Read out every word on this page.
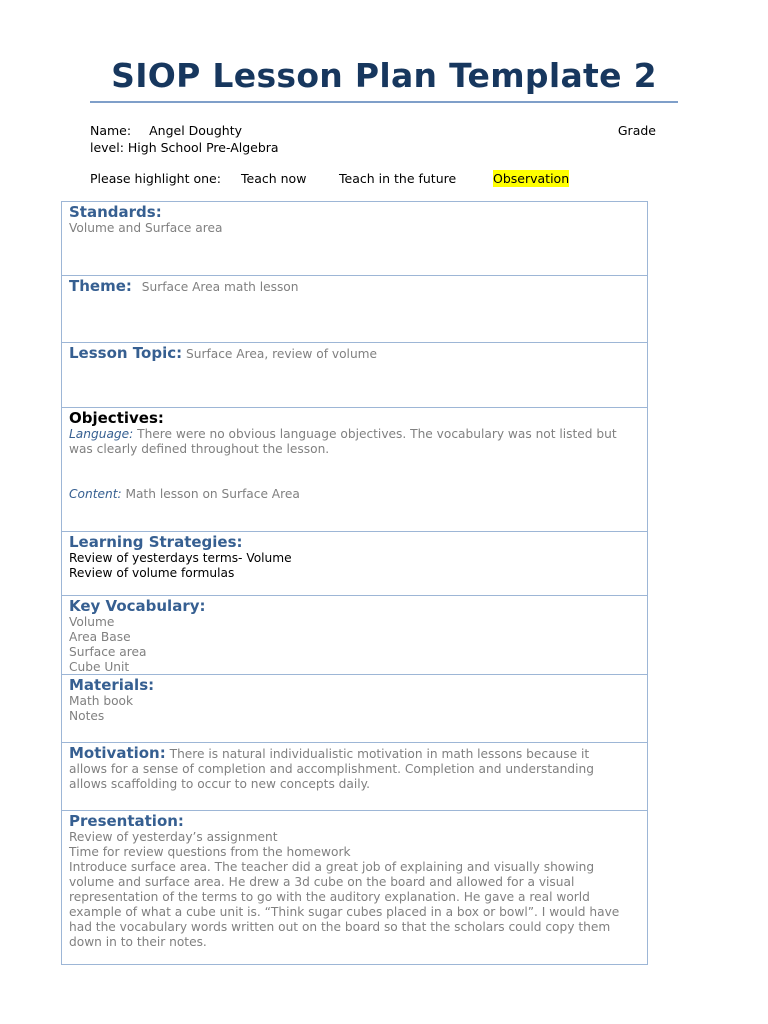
SIOP Lesson Plan Template 2
Name: Angel Doughty	Grade

level: High School Pre-Algebra
Please highlight one: Teach now	Teach in the future	Observation
Standards:
Volume and Surface area
Theme: Surface Area math lesson
Lesson Topic: Surface Area, review of volume
Objectives:
Language: There were no obvious language objectives. The vocabulary was not listed but
was clearly defined throughout the lesson.
Content: Math lesson on Surface Area
Learning Strategies:
Review of yesterdays terms- Volume
Review of volume formulas
Key Vocabulary:
Volume
Area Base
Surface area
Cube Unit
Materials:
Math book
Notes
Motivation: There is natural individualistic motivation in math lessons because it
allows for a sense of completion and accomplishment. Completion and understanding
allows scaffolding to occur to new concepts daily.
Presentation:
Review of yesterday’s assignment
Time for review questions from the homework
Introduce surface area. The teacher did a great job of explaining and visually showing
volume and surface area. He drew a 3d cube on the board and allowed for a visual
representation of the terms to go with the auditory explanation. He gave a real world
example of what a cube unit is. “Think sugar cubes placed in a box or bowl”. I would have
had the vocabulary words written out on the board so that the scholars could copy them
down in to their notes.
